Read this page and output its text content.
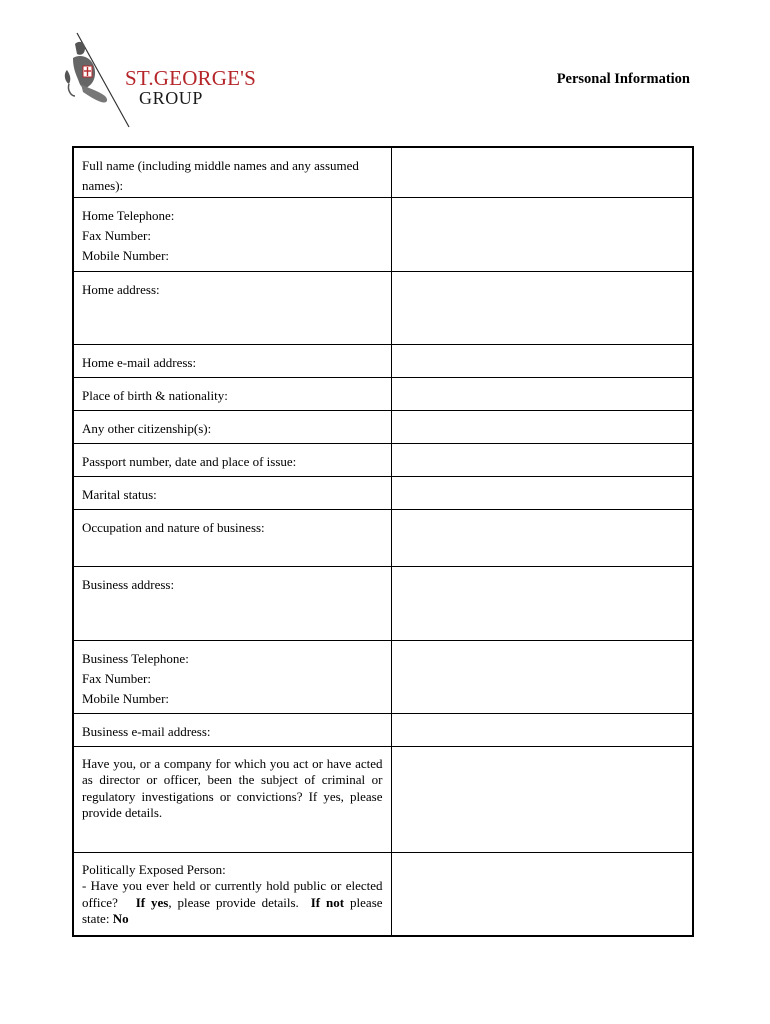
ST.GEORGE'S
GROUP
Personal Information
Full name (including middle names and any assumed names):	

Home Telephone:
Fax Number:
Mobile Number:	

Home address:	
Home e-mail address:	
Place of birth & nationality:	
Any other citizenship(s):	
Passport number, date and place of issue:	
Marital status:	
Occupation and nature of business:	
Business address:	

Business Telephone:
Fax Number:
Mobile Number:	

Business e-mail address:	

Have you, or a company for which you act or have acted as director or officer, been the subject of criminal or regulatory investigations or convictions? If yes, please provide details.	

Politically Exposed Person:
- Have you ever held or currently hold public or elected office? If yes, please provide details. If not please state: No	
